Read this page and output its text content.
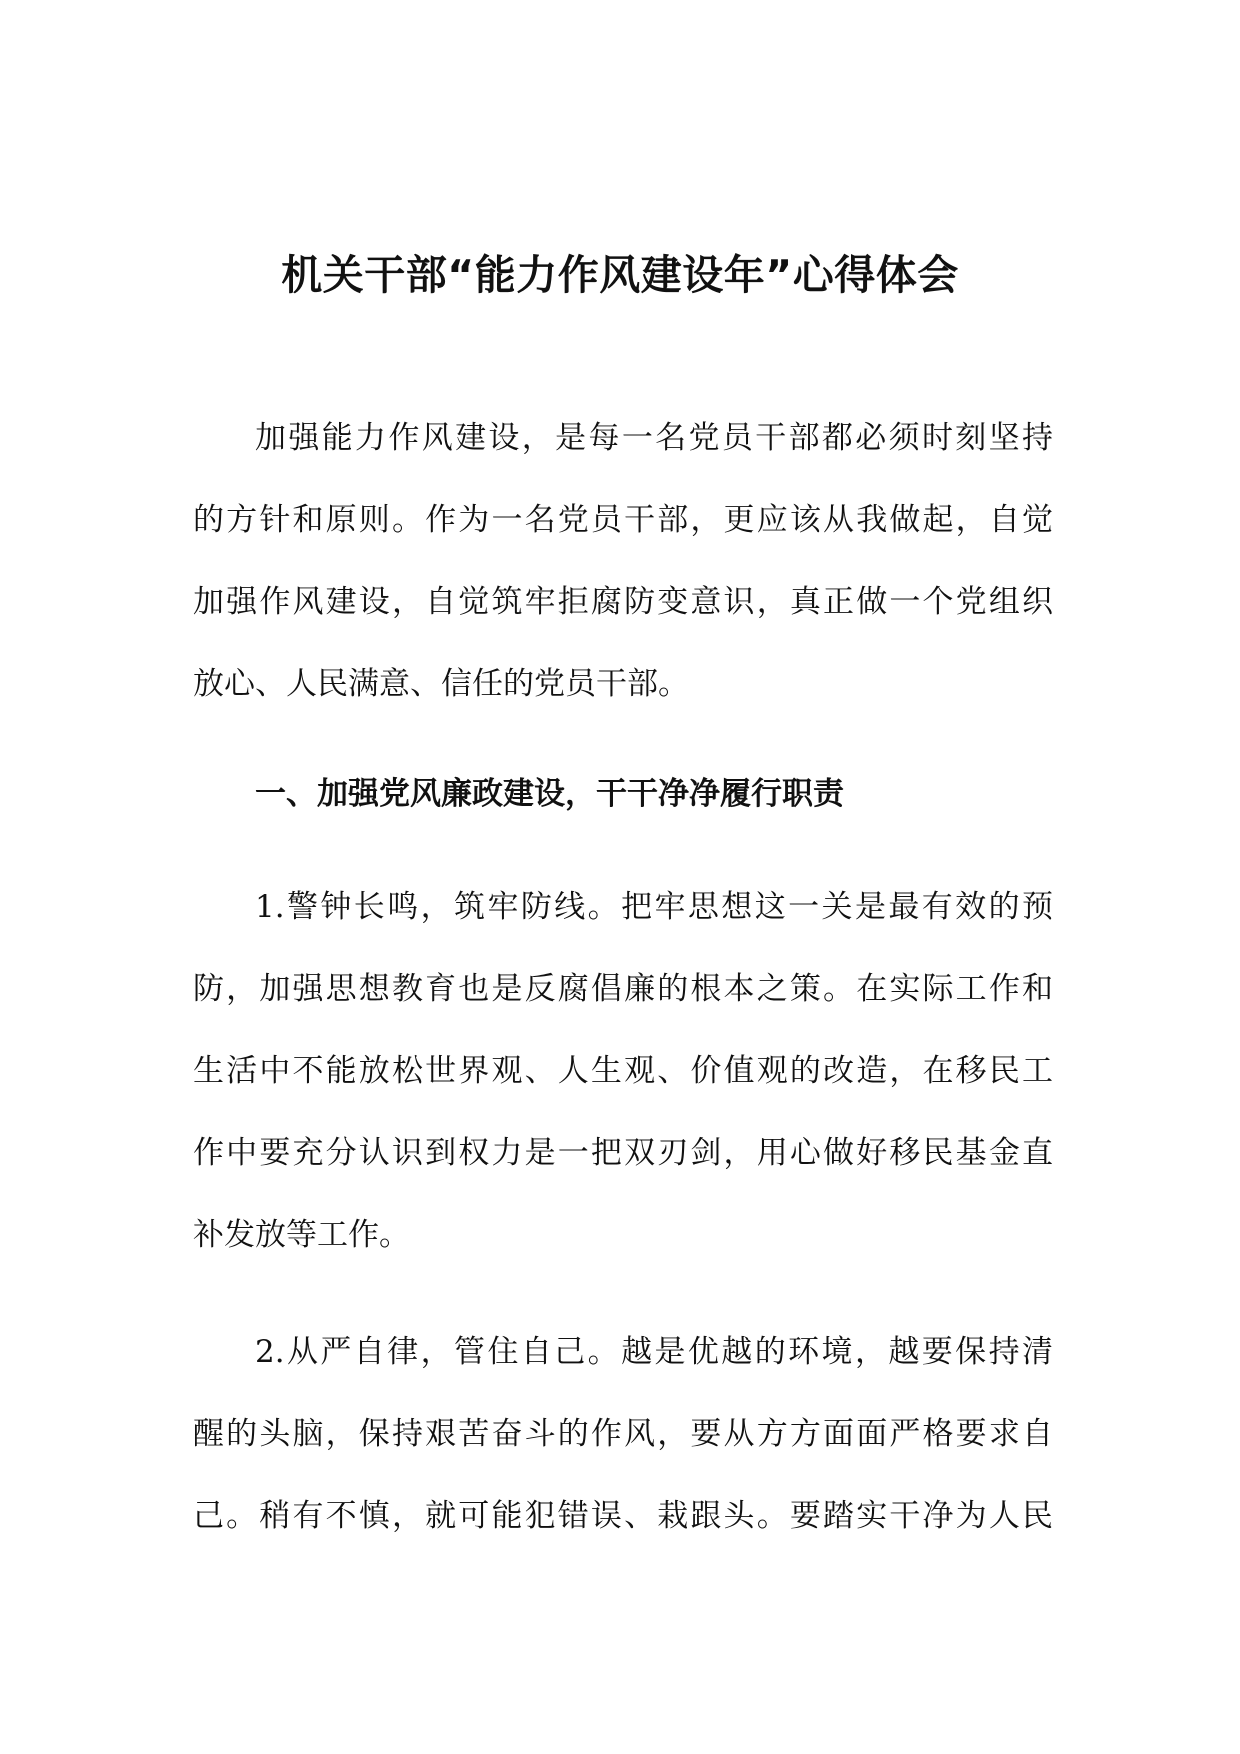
机关干部“能力作风建设年”心得体会

加强能力作风建设，是每一名党员干部都必须时刻坚持

的方针和原则。作为一名党员干部，更应该从我做起，自觉

加强作风建设，自觉筑牢拒腐防变意识，真正做一个党组织

放心、人民满意、信任的党员干部。

一、加强党风廉政建设，干干净净履行职责

1.警钟长鸣，筑牢防线。把牢思想这一关是最有效的预

防，加强思想教育也是反腐倡廉的根本之策。在实际工作和

生活中不能放松世界观、人生观、价值观的改造，在移民工

作中要充分认识到权力是一把双刃剑，用心做好移民基金直

补发放等工作。

2.从严自律，管住自己。越是优越的环境，越要保持清

醒的头脑，保持艰苦奋斗的作风，要从方方面面严格要求自

己。稍有不慎，就可能犯错误、栽跟头。要踏实干净为人民
